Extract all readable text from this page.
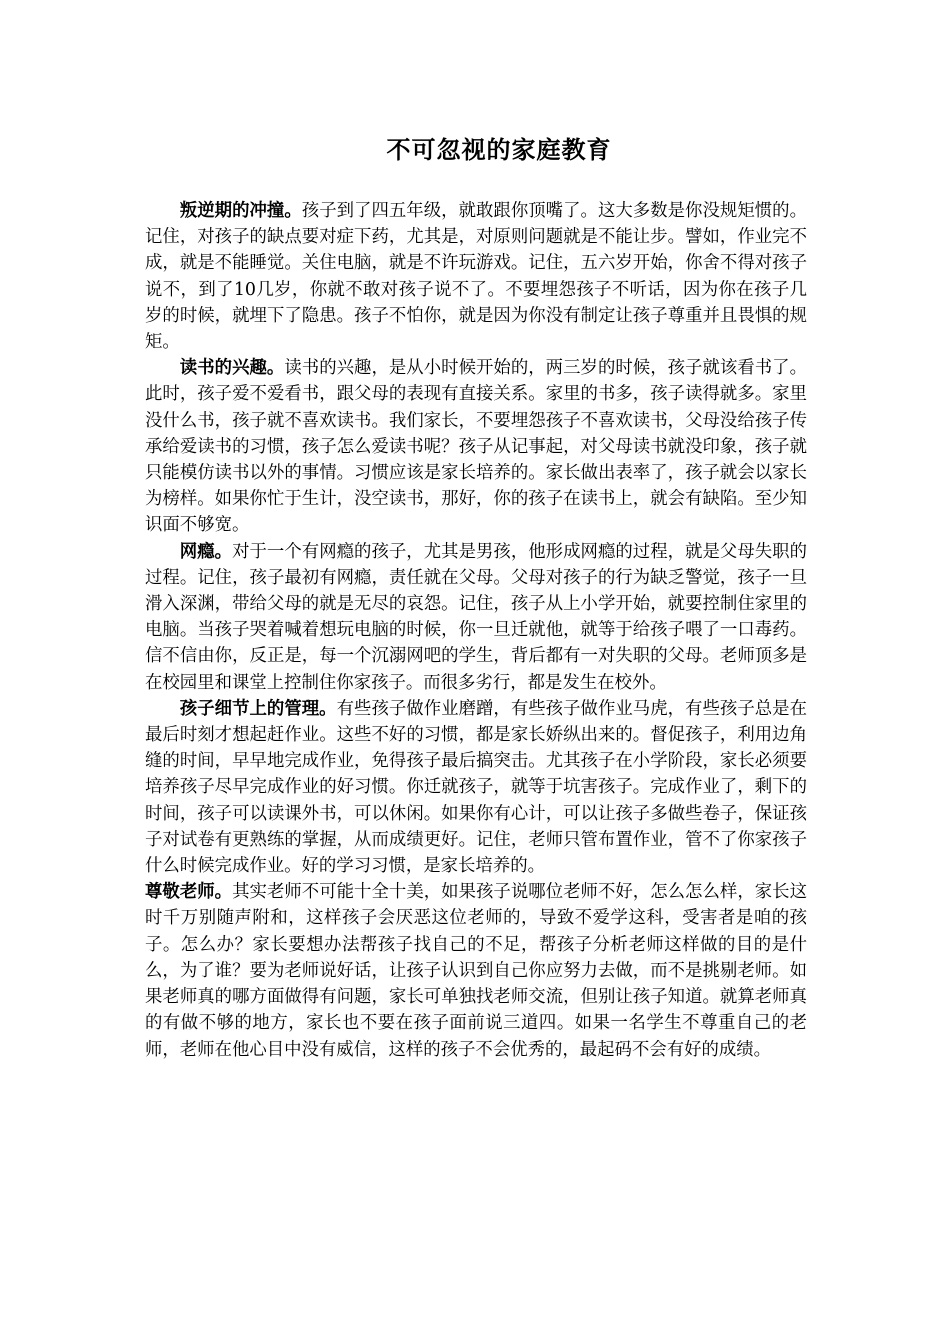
不可忽视的家庭教育

叛逆期的冲撞。孩子到了四五年级，就敢跟你顶嘴了。这大多数是你没规矩惯的。记住，对孩子的缺点要对症下药，尤其是，对原则问题就是不能让步。譬如，作业完不成，就是不能睡觉。关住电脑，就是不许玩游戏。记住，五六岁开始，你舍不得对孩子说不，到了10几岁，你就不敢对孩子说不了。不要埋怨孩子不听话，因为你在孩子几岁的时候，就埋下了隐患。孩子不怕你，就是因为你没有制定让孩子尊重并且畏惧的规矩。

读书的兴趣。读书的兴趣，是从小时候开始的，两三岁的时候，孩子就该看书了。此时，孩子爱不爱看书，跟父母的表现有直接关系。家里的书多，孩子读得就多。家里没什么书，孩子就不喜欢读书。我们家长，不要埋怨孩子不喜欢读书，父母没给孩子传承给爱读书的习惯，孩子怎么爱读书呢？孩子从记事起，对父母读书就没印象，孩子就只能模仿读书以外的事情。习惯应该是家长培养的。家长做出表率了，孩子就会以家长为榜样。如果你忙于生计，没空读书，那好，你的孩子在读书上，就会有缺陷。至少知识面不够宽。

网瘾。对于一个有网瘾的孩子，尤其是男孩，他形成网瘾的过程，就是父母失职的过程。记住，孩子最初有网瘾，责任就在父母。父母对孩子的行为缺乏警觉，孩子一旦滑入深渊，带给父母的就是无尽的哀怨。记住，孩子从上小学开始，就要控制住家里的电脑。当孩子哭着喊着想玩电脑的时候，你一旦迁就他，就等于给孩子喂了一口毒药。信不信由你，反正是，每一个沉溺网吧的学生，背后都有一对失职的父母。老师顶多是在校园里和课堂上控制住你家孩子。而很多劣行，都是发生在校外。

孩子细节上的管理。有些孩子做作业磨蹭，有些孩子做作业马虎，有些孩子总是在最后时刻才想起赶作业。这些不好的习惯，都是家长娇纵出来的。督促孩子，利用边角缝的时间，早早地完成作业，免得孩子最后搞突击。尤其孩子在小学阶段，家长必须要培养孩子尽早完成作业的好习惯。你迁就孩子，就等于坑害孩子。完成作业了，剩下的时间，孩子可以读课外书，可以休闲。如果你有心计，可以让孩子多做些卷子，保证孩子对试卷有更熟练的掌握，从而成绩更好。记住，老师只管布置作业，管不了你家孩子什么时候完成作业。好的学习习惯，是家长培养的。

尊敬老师。其实老师不可能十全十美，如果孩子说哪位老师不好，怎么怎么样，家长这时千万别随声附和，这样孩子会厌恶这位老师的，导致不爱学这科，受害者是咱的孩子。怎么办？家长要想办法帮孩子找自己的不足，帮孩子分析老师这样做的目的是什么，为了谁？要为老师说好话，让孩子认识到自己你应努力去做，而不是挑剔老师。如果老师真的哪方面做得有问题，家长可单独找老师交流，但别让孩子知道。就算老师真的有做不够的地方，家长也不要在孩子面前说三道四。如果一名学生不尊重自己的老师，老师在他心目中没有威信，这样的孩子不会优秀的，最起码不会有好的成绩。
